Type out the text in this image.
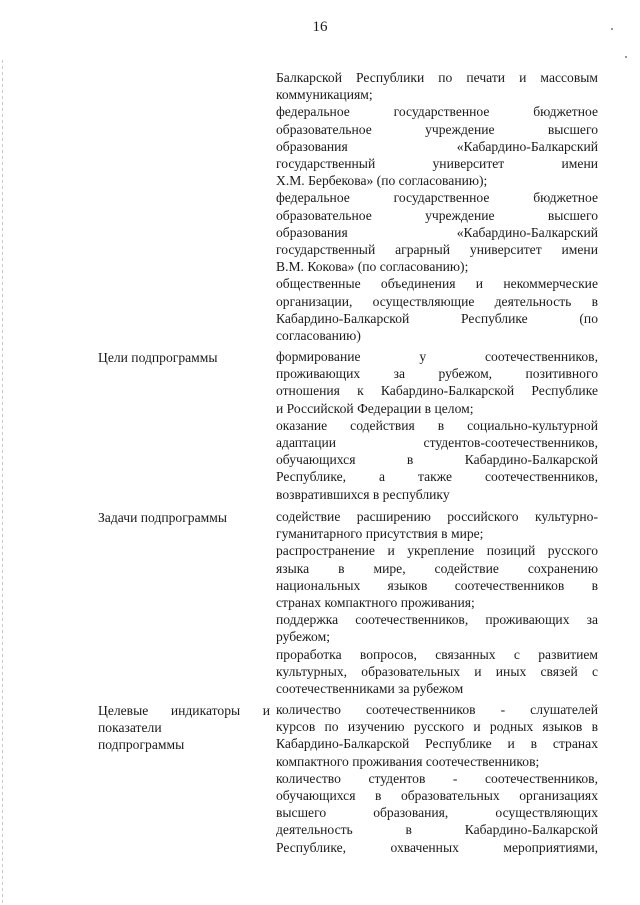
16
Балкарской Республики по печати и массовым
коммуникациям;
федеральное государственное бюджетное
образовательное учреждение высшего
образования «Кабардино-Балкарский
государственный университет имени
Х.М. Бербекова» (по согласованию);
федеральное государственное бюджетное
образовательное учреждение высшего
образования «Кабардино-Балкарский
государственный аграрный университет имени
В.М. Кокова» (по согласованию);
общественные объединения и некоммерческие
организации, осуществляющие деятельность в
Кабардино-Балкарской Республике (по
согласованию)
Цели подпрограммы	формирование у соотечественников,
проживающих за рубежом, позитивного
отношения к Кабардино-Балкарской Республике
и Российской Федерации в целом;
оказание содействия в социально-культурной
адаптации студентов-соотечественников,
обучающихся в Кабардино-Балкарской
Республике, а также соотечественников,
возвратившихся в республику
Задачи подпрограммы	содействие расширению российского культурно-
гуманитарного присутствия в мире;
распространение и укрепление позиций русского
языка в мире, содействие сохранению
национальных языков соотечественников в
странах компактного проживания;
поддержка соотечественников, проживающих за
рубежом;
проработка вопросов, связанных с развитием
культурных, образовательных и иных связей с
соотечественниками за рубежом
Целевые индикаторы и
показатели
подпрограммы
количество соотечественников - слушателей
курсов по изучению русского и родных языков в
Кабардино-Балкарской Республике и в странах
компактного проживания соотечественников;
количество студентов - соотечественников,
обучающихся в образовательных организациях
высшего образования, осуществляющих
деятельность в Кабардино-Балкарской
Республике, охваченных мероприятиями,
